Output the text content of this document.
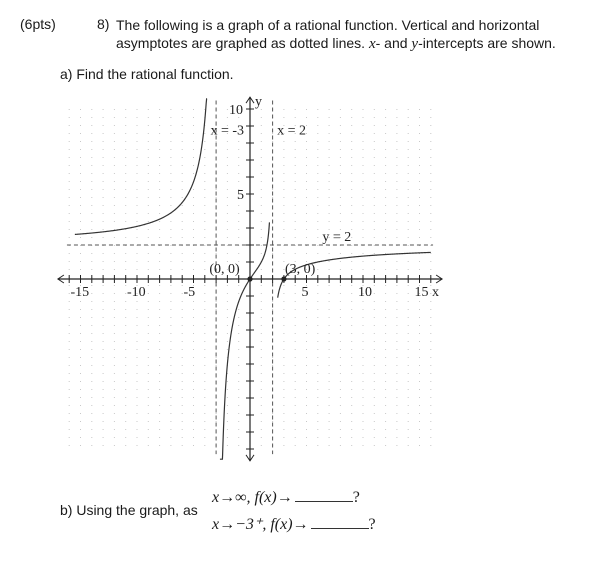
(6pts)	8) The following is a graph of a rational function. Vertical and horizontal asymptotes are graphed as dotted lines. x- and y-intercepts are shown.
a) Find the rational function.
-15	-10	-5	5	10	15 x
5
10
y
x = -3 x = 2
y = 2
(0, 0)	(3, 0)
b) Using the graph, as
x→∞, f(x)→	?
x→−3⁺, f(x)→	?
